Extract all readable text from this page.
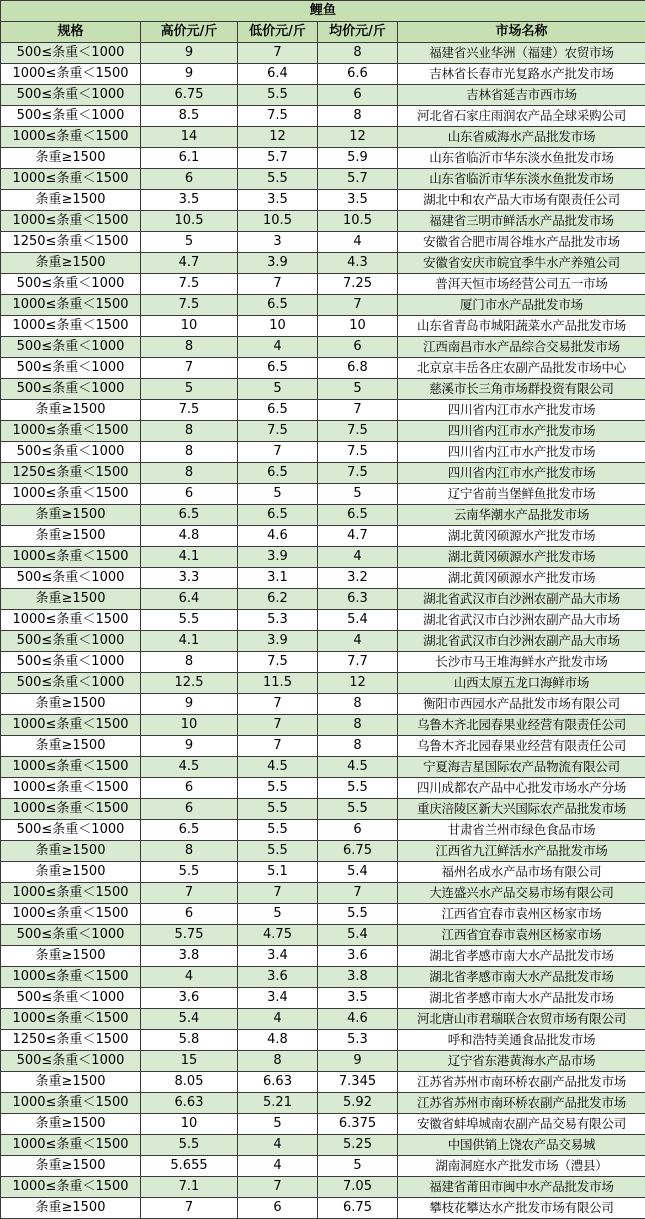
鲤鱼				
规格	高价元/斤	低价元/斤	均价元/斤	市场名称
500≤条重＜1000	9	7	8	福建省兴业华洲（福建）农贸市场
1000≤条重＜1500	9	6.4	6.6	吉林省长春市光复路水产批发市场
500≤条重＜1000	6.75	5.5	6	吉林省延吉市西市场
500≤条重＜1000	8.5	7.5	8	河北省石家庄雨润农产品全球采购公司
1000≤条重＜1500	14	12	12	山东省威海水产品批发市场
条重≥1500	6.1	5.7	5.9	山东省临沂市华东淡水鱼批发市场
1000≤条重＜1500	6	5.5	5.7	山东省临沂市华东淡水鱼批发市场
条重≥1500	3.5	3.5	3.5	湖北中和农产品大市场有限责任公司
1000≤条重＜1500	10.5	10.5	10.5	福建省三明市鲜活水产品批发市场
1250≤条重＜1500	5	3	4	安徽省合肥市周谷堆水产品批发市场
条重≥1500	4.7	3.9	4.3	安徽省安庆市皖宜季牛水产养殖公司
500≤条重＜1000	7.5	7	7.25	普洱天恒市场经营公司五一市场
1000≤条重＜1500	7.5	6.5	7	厦门市水产品批发市场
1000≤条重＜1500	10	10	10	山东省青岛市城阳蔬菜水产品批发市场
500≤条重＜1000	8	4	6	江西南昌市水产品综合交易批发市场
500≤条重＜1000	7	6.5	6.8	北京京丰岳各庄农副产品批发市场中心
500≤条重＜1000	5	5	5	慈溪市长三角市场群投资有限公司
条重≥1500	7.5	6.5	7	四川省内江市水产批发市场
1000≤条重＜1500	8	7.5	7.5	四川省内江市水产批发市场
500≤条重＜1000	8	7	7.5	四川省内江市水产批发市场
1250≤条重＜1500	8	6.5	7.5	四川省内江市水产批发市场
1000≤条重＜1500	6	5	5	辽宁省前当堡鲜鱼批发市场
条重≥1500	6.5	6.5	6.5	云南华潮水产品批发市场
条重≥1500	4.8	4.6	4.7	湖北黄冈硕源水产批发市场
1000≤条重＜1500	4.1	3.9	4	湖北黄冈硕源水产批发市场
500≤条重＜1000	3.3	3.1	3.2	湖北黄冈硕源水产批发市场
条重≥1500	6.4	6.2	6.3	湖北省武汉市白沙洲农副产品大市场
1000≤条重＜1500	5.5	5.3	5.4	湖北省武汉市白沙洲农副产品大市场
500≤条重＜1000	4.1	3.9	4	湖北省武汉市白沙洲农副产品大市场
500≤条重＜1000	8	7.5	7.7	长沙市马王堆海鲜水产批发市场
500≤条重＜1000	12.5	11.5	12	山西太原五龙口海鲜市场
条重≥1500	9	7	8	衡阳市西园水产品批发市场有限公司
1000≤条重＜1500	10	7	8	乌鲁木齐北园春果业经营有限责任公司
条重≥1500	9	7	8	乌鲁木齐北园春果业经营有限责任公司
1000≤条重＜1500	4.5	4.5	4.5	宁夏海吉星国际农产品物流有限公司
1000≤条重＜1500	6	5.5	5.5	四川成都农产品中心批发市场水产分场
1000≤条重＜1500	6	5.5	5.5	重庆涪陵区新大兴国际农产品批发市场
500≤条重＜1000	6.5	5.5	6	甘肃省兰州市绿色食品市场
条重≥1500	8	5.5	6.75	江西省九江鲜活水产品批发市场
条重≥1500	5.5	5.1	5.4	福州名成水产品市场有限公司
1000≤条重＜1500	7	7	7	大连盛兴水产品交易市场有限公司
1000≤条重＜1500	6	5	5.5	江西省宜春市袁州区杨家市场
500≤条重＜1000	5.75	4.75	5.4	江西省宜春市袁州区杨家市场
条重≥1500	3.8	3.4	3.6	湖北省孝感市南大水产品批发市场
1000≤条重＜1500	4	3.6	3.8	湖北省孝感市南大水产品批发市场
500≤条重＜1000	3.6	3.4	3.5	湖北省孝感市南大水产品批发市场
1000≤条重＜1500	5.4	4	4.6	河北唐山市君瑞联合农贸市场有限公司
1250≤条重＜1500	5.8	4.8	5.3	呼和浩特美通食品批发市场
500≤条重＜1000	15	8	9	辽宁省东港黄海水产品市场
条重≥1500	8.05	6.63	7.345	江苏省苏州市南环桥农副产品批发市场
1000≤条重＜1500	6.63	5.21	5.92	江苏省苏州市南环桥农副产品批发市场
条重≥1500	10	5	6.375	安徽省蚌埠城南农副产品交易有限公司
1000≤条重＜1500	5.5	4	5.25	中国供销上饶农产品交易城
条重≥1500	5.655	4	5	湖南洞庭水产批发市场（澧县）
1000≤条重＜1500	7.1	7	7.05	福建省莆田市闽中水产品批发市场
条重≥1500	7	6	6.75	攀枝花攀达水产批发市场有限公司
